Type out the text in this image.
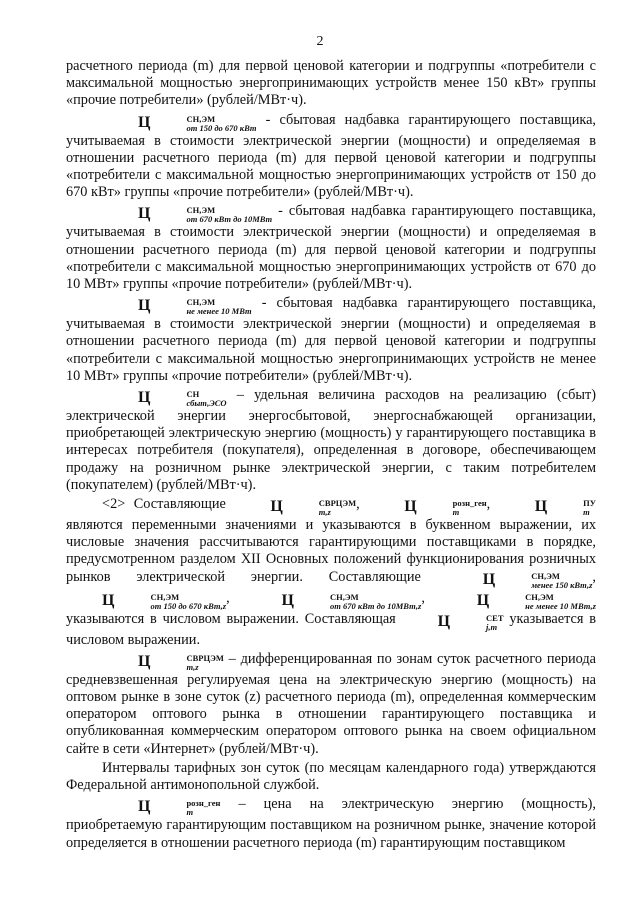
2

расчетного периода (m) для первой ценовой категории и подгруппы «потребители с максимальной мощностью энергопринимающих устройств менее 150 кВт» группы «прочие потребители» (рублей/МВт·ч).

Ц	СН,ЭМ
от 150 до 670 кВт - сбытовая надбавка гарантирующего поставщика, учитываемая в стоимости электрической энергии (мощности) и определяемая в отношении расчетного периода (m) для первой ценовой категории и подгруппы «потребители с максимальной мощностью энергопринимающих устройств от 150 до 670 кВт» группы «прочие потребители» (рублей/МВт·ч).

Ц	СН,ЭМ
от 670 кВт до 10МВт - сбытовая надбавка гарантирующего поставщика, учитываемая в стоимости электрической энергии (мощности) и определяемая в отношении расчетного периода (m) для первой ценовой категории и подгруппы «потребители с максимальной мощностью энергопринимающих устройств от 670 до 10 МВт» группы «прочие потребители» (рублей/МВт·ч).

Ц	СН,ЭМ
не менее 10 МВт - сбытовая надбавка гарантирующего поставщика, учитываемая в стоимости электрической энергии (мощности) и определяемая в отношении расчетного периода (m) для первой ценовой категории и подгруппы «потребители с максимальной мощностью энергопринимающих устройств не менее 10 МВт» группы «прочие потребители» (рублей/МВт·ч).

Ц	СН
сбыт,ЭСО – удельная величина расходов на реализацию (сбыт) электрической энергии энергосбытовой, энергоснабжающей организации, приобретающей электрическую энергию (мощность) у гарантирующего поставщика в интересах потребителя (покупателя), определенная в договоре, обеспечивающем продажу на розничном рынке электрической энергии, с таким потребителем (покупателем) (рублей/МВт·ч).

<2> Составляющие Ц	СВРЦЭМ
m,z	, Ц	розн_ген
m	, Ц	ПУ
m
являются переменными значениями и указываются в буквенном выражении, их числовые значения рассчитываются гарантирующими поставщиками в порядке, предусмотренном разделом XII Основных положений функционирования розничных рынков электрической энергии. Составляющие Ц	СН,ЭМ
менее 150 кВт,z , Ц	СН,ЭМ
от 150 до 670 кВт,z , Ц	СН,ЭМ
от 670 кВт до 10МВт,z , Ц	СН,ЭМ
не менее 10 МВт,z
указываются в числовом выражении. Составляющая Ц	СЕТ
j,m указывается в числовом выражении.

Ц	СВРЦЭМ
m,z	– дифференцированная по зонам суток расчетного периода средневзвешенная регулируемая цена на электрическую энергию (мощность) на оптовом рынке в зоне суток (z) расчетного периода (m), определенная коммерческим оператором оптового рынка в отношении гарантирующего поставщика и опубликованная коммерческим оператором оптового рынка на своем официальном сайте в сети «Интернет» (рублей/МВт·ч).

Интервалы тарифных зон суток (по месяцам календарного года) утверждаются Федеральной антимонопольной службой.

Ц	розн_ген
m	– цена на электрическую энергию (мощность), приобретаемую гарантирующим поставщиком на розничном рынке, значение которой определяется в отношении расчетного периода (m) гарантирующим поставщиком
